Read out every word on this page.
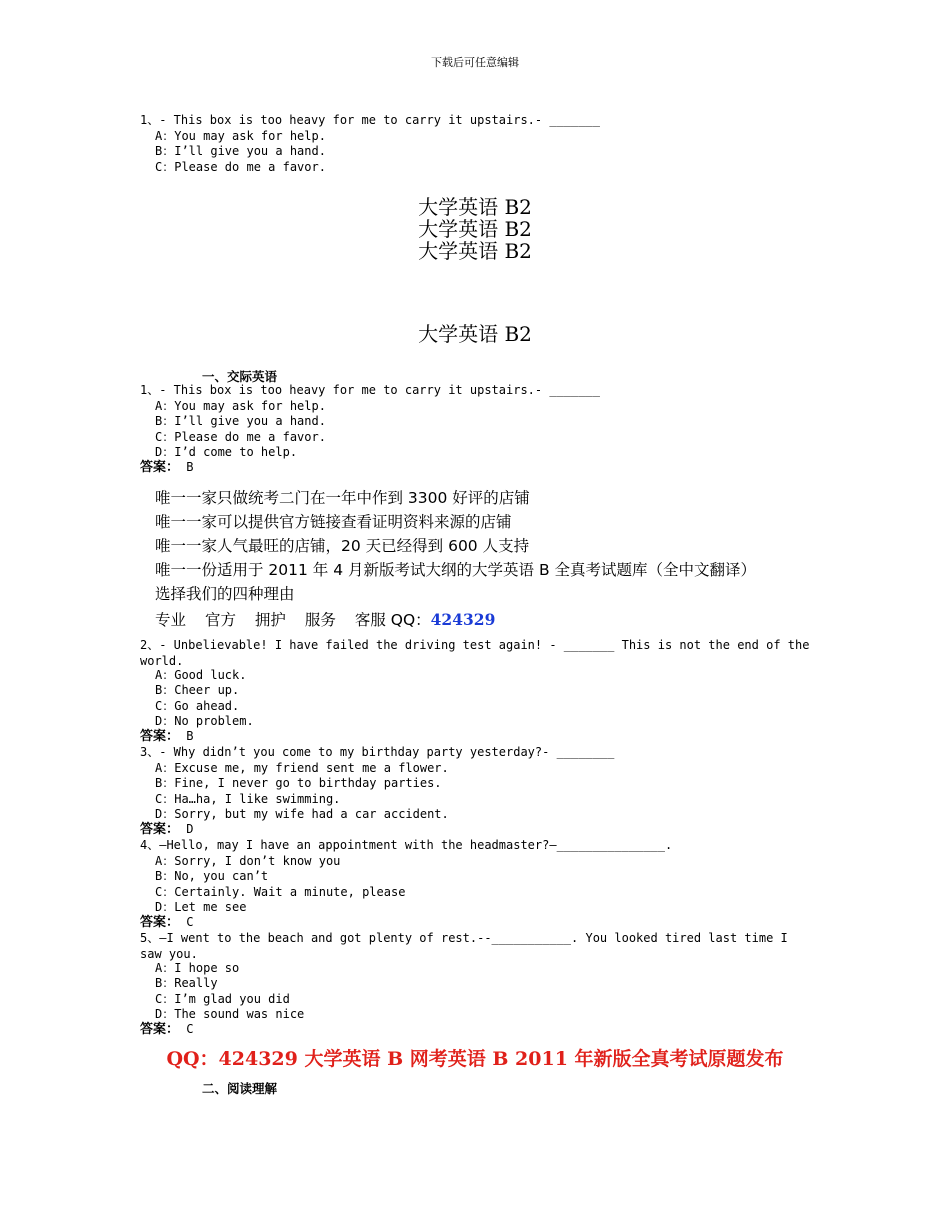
下载后可任意编辑
1、- This box is too heavy for me to carry it upstairs.- _______
A：You may ask for help.
B：I’ll give you a hand.
C：Please do me a favor.
大学英语 B2
大学英语 B2
大学英语 B2
大学英语 B2
一、交际英语
1、- This box is too heavy for me to carry it upstairs.- _______
A：You may ask for help.
B：I’ll give you a hand.
C：Please do me a favor.
D：I’d come to help.
答案： B
唯一一家只做统考二门在一年中作到 3300 好评的店铺
唯一一家可以提供官方链接查看证明资料来源的店铺
唯一一家人气最旺的店铺，20 天已经得到 600 人支持
唯一一份适用于 2011 年 4 月新版考试大纲的大学英语 B 全真考试题库（全中文翻译）
选择我们的四种理由
专业 官方 拥护 服务 客服 QQ：424329
2、- Unbelievable! I have failed the driving test again! - _______ This is not the end of the world.
A：Good luck.
B：Cheer up.
C：Go ahead.
D：No problem.
答案： B
3、- Why didn’t you come to my birthday party yesterday?- ________
A：Excuse me, my friend sent me a flower.
B：Fine, I never go to birthday parties.
C：Ha…ha, I like swimming.
D：Sorry, but my wife had a car accident.
答案： D
4、—Hello, may I have an appointment with the headmaster?—_______________.
A：Sorry, I don’t know you
B：No, you can’t
C：Certainly. Wait a minute, please
D：Let me see
答案： C
5、—I went to the beach and got plenty of rest.--___________. You looked tired last time I saw you.
A：I hope so
B：Really
C：I’m glad you did
D：The sound was nice
答案： C
QQ：424329 大学英语 B 网考英语 B 2011 年新版全真考试原题发布
二、阅读理解
